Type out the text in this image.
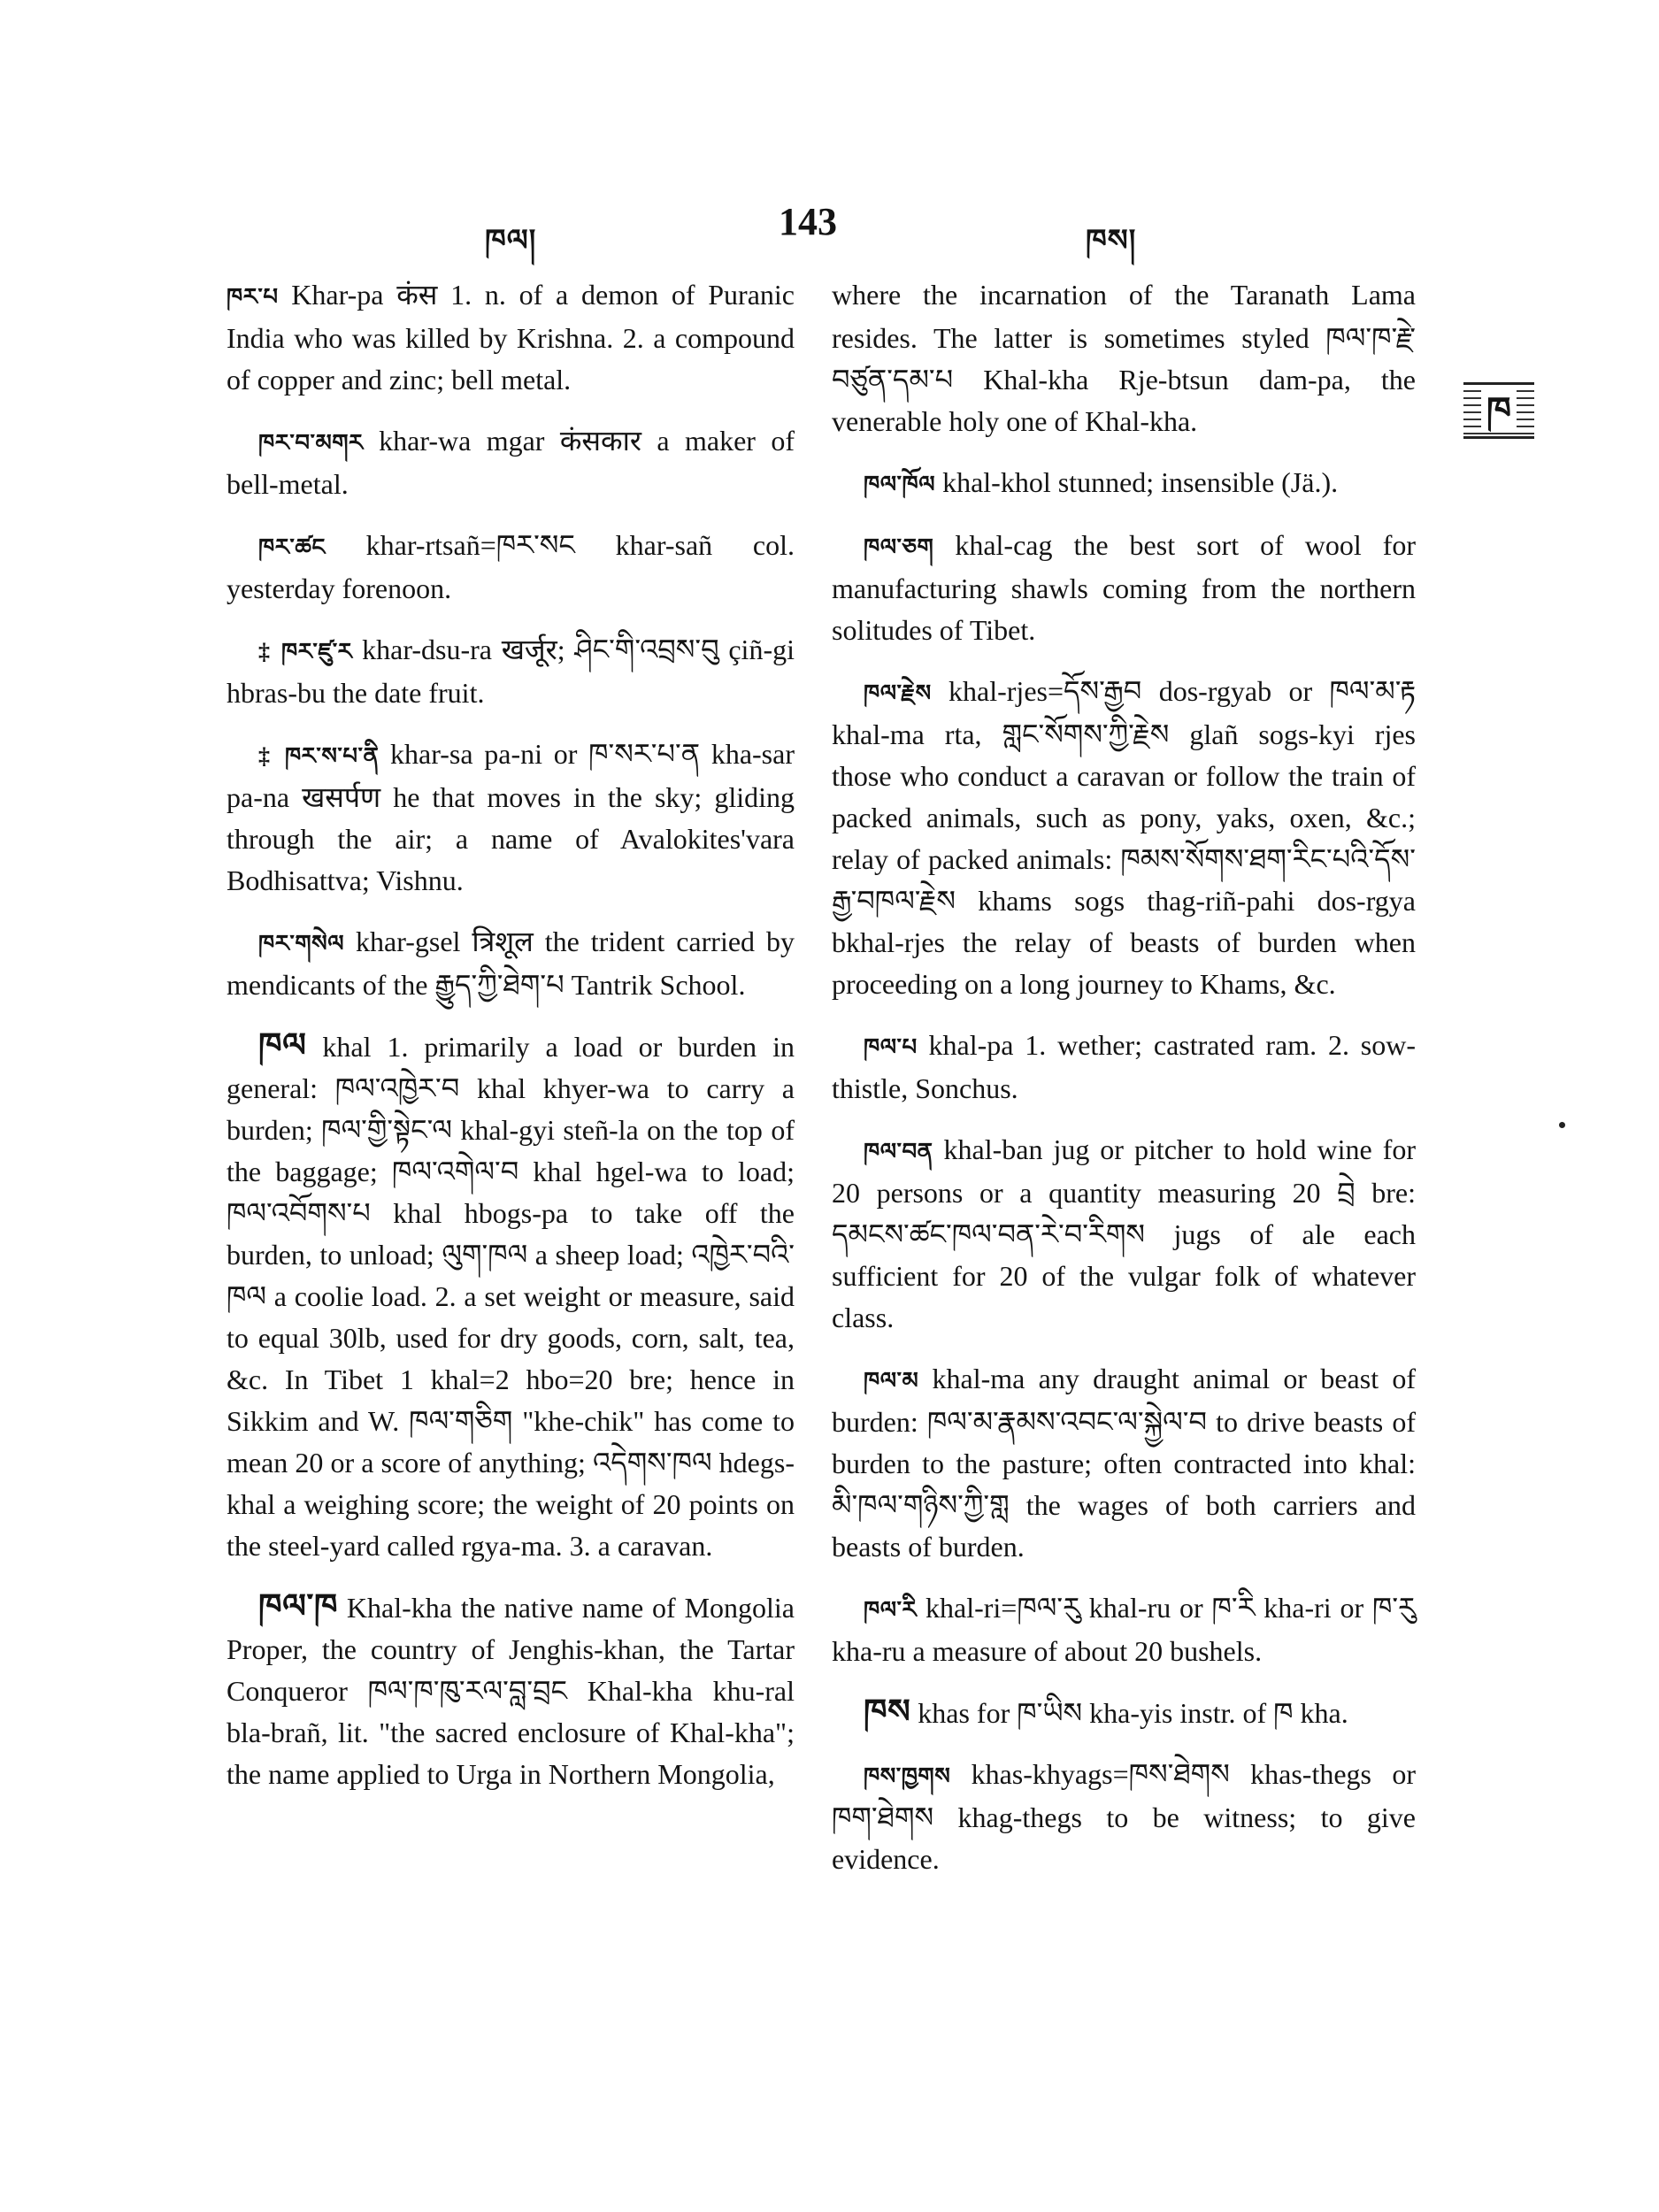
ཁལ།	143	ཁས།
ཁ

ཁར་པ Khar-pa कंस 1. n. of a demon of Puranic India who was killed by Krishna. 2. a compound of copper and zinc; bell metal.

ཁར་བ་མགར khar-wa mgar कंसकार a maker of bell-metal.

ཁར་ཚང khar-rtsañ=ཁར་སང khar-sañ col. yesterday forenoon.

‡ ཁར་ཛུ་ར khar-dsu-ra खर्जूर; ཤིང་གི་འབྲས་བུ çiñ-gi hbras-bu the date fruit.

‡ ཁར་ས་པ་ནི khar-sa pa-ni or ཁ་སར་པ་ན kha-sar pa-na खसर्पण he that moves in the sky; gliding through the air; a name of Avalokites'vara Bodhisattva; Vishnu.

ཁར་གསེལ khar-gsel त्रिशूल the trident carried by mendicants of the རྒྱུད་ཀྱི་ཐེག་པ Tantrik School.

ཁལ khal 1. primarily a load or burden in general: ཁལ་འཁྱེར་བ khal khyer-wa to carry a burden; ཁལ་གྱི་སྟེང་ལ khal-gyi steñ-la on the top of the baggage; ཁལ་འགེལ་བ khal hgel-wa to load; ཁལ་འབོགས་པ khal hbogs-pa to take off the burden, to unload; ལུག་ཁལ a sheep load; འཁྱེར་བའི་ཁལ a coolie load. 2. a set weight or measure, said to equal 30lb, used for dry goods, corn, salt, tea, &c. In Tibet 1 khal=2 hbo=20 bre; hence in Sikkim and W. ཁལ་གཅིག "khe-chik" has come to mean 20 or a score of anything; འདེགས་ཁལ hdegs-khal a weighing score; the weight of 20 points on the steel-yard called rgya-ma. 3. a caravan.

ཁལ་ཁ Khal-kha the native name of Mongolia Proper, the country of Jenghis-khan, the Tartar Conqueror ཁལ་ཁ་ཁུ་རལ་བླ་བྲང Khal-kha khu-ral bla-brañ, lit. "the sacred enclosure of Khal-kha"; the name applied to Urga in Northern Mongolia,

where the incarnation of the Taranath Lama resides. The latter is sometimes styled ཁལ་ཁ་རྗེ་བཙུན་དམ་པ Khal-kha Rje-btsun dam-pa, the venerable holy one of Khal-kha.

ཁལ་ཁོལ khal-khol stunned; insensible (Jä.).

ཁལ་ཅག khal-cag the best sort of wool for manufacturing shawls coming from the northern solitudes of Tibet.

ཁལ་རྗེས khal-rjes=དོས་རྒྱབ dos-rgyab or ཁལ་མ་རྟ khal-ma rta, གླང་སོགས་ཀྱི་རྗེས glañ sogs-kyi rjes those who conduct a caravan or follow the train of packed animals, such as pony, yaks, oxen, &c.; relay of packed animals: ཁམས་སོགས་ཐག་རིང་པའི་དོས་རྒྱ་བཁལ་རྗེས khams sogs thag-riñ-pahi dos-rgya bkhal-rjes the relay of beasts of burden when proceeding on a long journey to Khams, &c.

ཁལ་པ khal-pa 1. wether; castrated ram. 2. sow-thistle, Sonchus.

ཁལ་བན khal-ban jug or pitcher to hold wine for 20 persons or a quantity measuring 20 བྲེ bre: དམངས་ཚང་ཁལ་བན་རེ་བ་རིགས jugs of ale each sufficient for 20 of the vulgar folk of whatever class.

ཁལ་མ khal-ma any draught animal or beast of burden: ཁལ་མ་རྣམས་འབང་ལ་སྐྱེལ་བ to drive beasts of burden to the pasture; often contracted into khal: མི་ཁལ་གཉིས་ཀྱི་གླ the wages of both carriers and beasts of burden.

ཁལ་རི khal-ri=ཁལ་རུ khal-ru or ཁ་རི kha-ri or ཁ་རུ kha-ru a measure of about 20 bushels.

ཁས khas for ཁ་ཡིས kha-yis instr. of ཁ kha.

ཁས་ཁྱགས khas-khyags=ཁས་ཐེགས khas-thegs or ཁག་ཐེགས khag-thegs to be witness; to give evidence.
